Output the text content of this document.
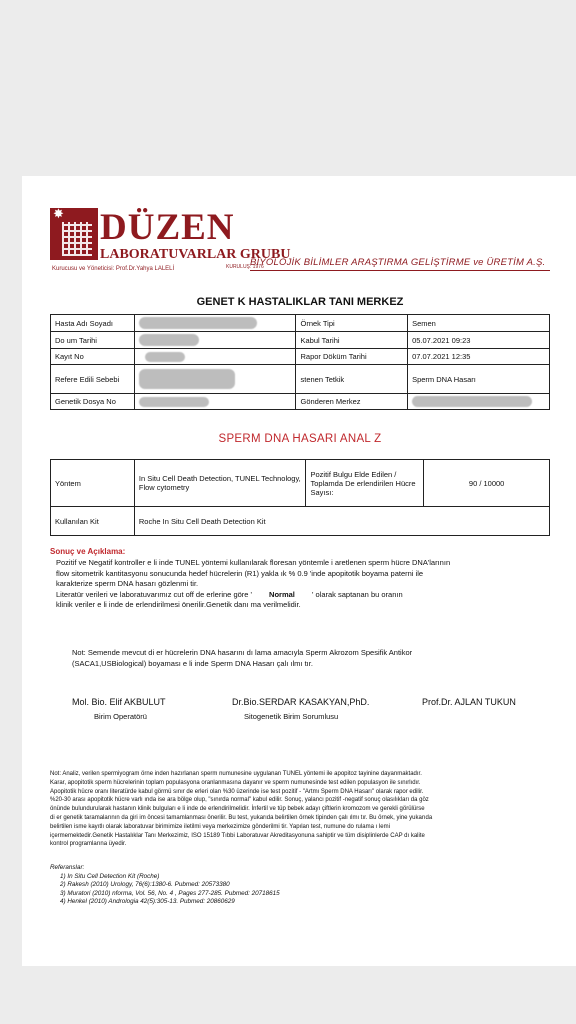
✸ DÜZEN
LABORATUVARLAR GRUBU
Kurucusu ve Yöneticisi: Prof.Dr.Yahya LALELİ	KURULUŞ: 1976
BİYOLOJİK BİLİMLER ARAŞTIRMA GELİŞTİRME ve ÜRETİM A.Ş.
GENET K HASTALIKLAR TANI MERKEZ
Hasta Adı Soyadı		Örnek Tipi	Semen
Do um Tarihi		Kabul Tarihi	05.07.2021 09:23
Kayıt No		Rapor Döküm Tarihi	07.07.2021 12:35
Refere Edili Sebebi		stenen Tetkik	Sperm DNA Hasarı
Genetik Dosya No		Gönderen Merkez	
SPERM DNA HASARI ANAL Z
Yöntem	In Situ Cell Death Detection, TUNEL Technology, Flow cytometry	Pozitif Bulgu Elde Edilen / Toplamda De erlendirilen Hücre Sayısı:	90 / 10000
Kullanılan Kit	Roche In Situ Cell Death Detection Kit		
Sonuç ve Açıklama:
Pozitif ve Negatif kontroller e li inde TUNEL yöntemi kullanılarak floresan yöntemle i aretlenen sperm hücre DNA'larının
flow sitometrik kantitasyonu sonucunda hedef hücrelerin (R1) yakla ık % 0.9 'inde apopitotik boyama paterni ile
karakterize sperm DNA hasarı gözlenmi tir.
Literatür verileri ve laboratuvarımız cut off de erlerine göre ' Normal ' olarak saptanan bu oranın
klinik veriler e li inde de erlendirilmesi önerilir.Genetik danı ma verilmelidir.
Not: Semende mevcut di er hücrelerin DNA hasarını dı lama amacıyla Sperm Akrozom Spesifik Antikor
(SACA1,USBiological) boyaması e li inde Sperm DNA Hasarı çalı ılmı tır.
Mol. Bio. Elif AKBULUT
Birim Operatörü
Dr.Bio.SERDAR KASAKYAN,PhD.
Sitogenetik Birim Sorumlusu
Prof.Dr. AJLAN TUKUN
Not: Analiz, verilen spermiyogram örne inden hazırlanan sperm numunesine uygulanan TUNEL yöntemi ile apopitoz tayinine dayanmaktadır.
Karar, apopitotik sperm hücrelerinin toplam populasyona oranlanmasına dayanır ve sperm numunesinde test edilen populasyon ile sınırlıdır.
Apopitotik hücre oranı literatürde kabul görmü sınır de erleri olan %30 üzerinde ise test pozitif - "Artmı Sperm DNA Hasarı" olarak rapor edilir.
%20-30 arası apopitotik hücre varlı ında ise ara bölge olup, "sınırda normal" kabul edilir. Sonuç, yalancı pozitif -negatif sonuç olasılıkları da göz
önünde bulundurularak hastanın klinik bulguları e li inde de erlendirilmelidir. İnfertil ve tüp bebek adayı çiftlerin kromozom ve gerekli görülürse
di er genetik taramalarının da giri im öncesi tamamlanması önerilir. Bu test, yukarıda belirtilen örnek tipinden çalı ılmı tır. Bu örnek, yine yukarıda
belirtilen isme kayıtlı olarak laboratuvar birimimize iletilmi veya merkezimize gönderilmi tir. Yapılan test, numune do rulama ı lemi
içermemektedir.Genetik Hastalıklar Tanı Merkezimiz, ISO 15189 Tıbbi Laboratuvar Akreditasyonuna sahiptir ve tüm disiplinlerde CAP dı kalite
kontrol programlarına üyedir.
Referanslar:
1) In Situ Cell Detection Kit (Roche)
2) Rakesh (2010) Urology, 76(6):1380-6. Pubmed: 20573380
3) Muratori (2010) nforma, Vol. 56, No. 4 , Pages 277-285. Pubmed: 20718615
4) Henkel (2010) Andrologia 42(5):305-13. Pubmed: 20860629
